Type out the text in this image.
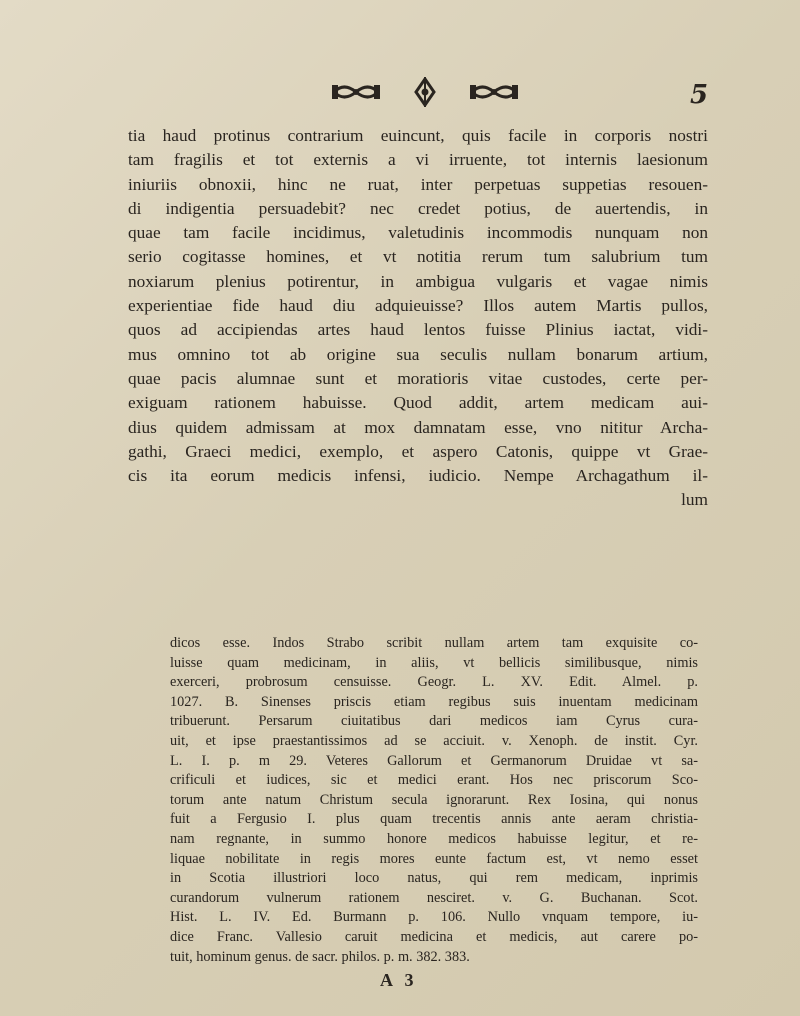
5
tia haud protinus contrarium euincunt, quis facile in corporis nostri
tam fragilis et tot externis a vi irruente, tot internis laesionum
iniuriis obnoxii, hinc ne ruat, inter perpetuas suppetias resouen-
di indigentia persuadebit? nec credet potius, de auertendis, in
quae tam facile incidimus, valetudinis incommodis nunquam non
serio cogitasse homines, et vt notitia rerum tum salubrium tum
noxiarum plenius potirentur, in ambigua vulgaris et vagae nimis
experientiae fide haud diu adquieuisse? Illos autem Martis pullos,
quos ad accipiendas artes haud lentos fuisse Plinius iactat, vidi-
mus omnino tot ab origine sua seculis nullam bonarum artium,
quae pacis alumnae sunt et moratioris vitae custodes, certe per-
exiguam rationem habuisse. Quod addit, artem medicam aui-
dius quidem admissam at mox damnatam esse, vno nititur Archa-
gathi, Graeci medici, exemplo, et aspero Catonis, quippe vt Grae-
cis ita eorum medicis infensi, iudicio. Nempe Archagathum il-
lum
dicos esse. Indos Strabo scribit nullam artem tam exquisite co-
luisse quam medicinam, in aliis, vt bellicis similibusque, nimis
exerceri, probrosum censuisse. Geogr. L. XV. Edit. Almel. p.
1027. B. Sinenses priscis etiam regibus suis inuentam medicinam
tribuerunt. Persarum ciuitatibus dari medicos iam Cyrus cura-
uit, et ipse praestantissimos ad se acciuit. v. Xenoph. de instit. Cyr.
L. I. p. m 29. Veteres Gallorum et Germanorum Druidae vt sa-
crificuli et iudices, sic et medici erant. Hos nec priscorum Sco-
torum ante natum Christum secula ignorarunt. Rex Iosina, qui nonus
fuit a Fergusio I. plus quam trecentis annis ante aeram christia-
nam regnante, in summo honore medicos habuisse legitur, et re-
liquae nobilitate in regis mores eunte factum est, vt nemo esset
in Scotia illustriori loco natus, qui rem medicam, inprimis
curandorum vulnerum rationem nesciret. v. G. Buchanan. Scot.
Hist. L. IV. Ed. Burmann p. 106. Nullo vnquam tempore, iu-
dice Franc. Vallesio caruit medicina et medicis, aut carere po-
tuit, hominum genus. de sacr. philos. p. m. 382. 383.
A 3
